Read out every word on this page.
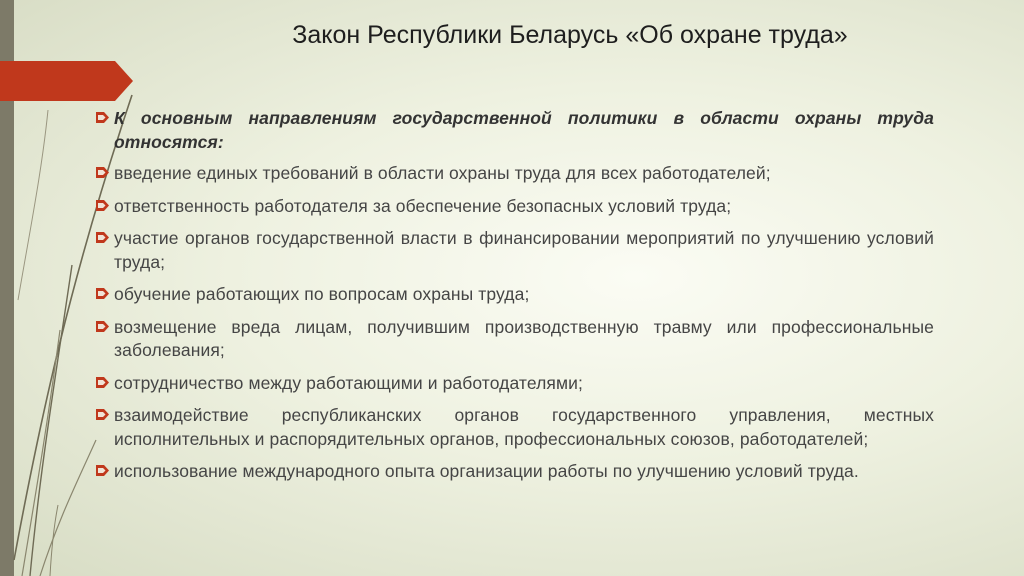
Закон Республики Беларусь «Об охране труда»
К основным направлениям государственной политики в области охраны труда относятся:
введение единых требований в области охраны труда для всех работодателей;
ответственность работодателя за обеспечение безопасных условий труда;
участие органов государственной власти в финансировании мероприятий по улучшению условий труда;
обучение работающих по вопросам охраны труда;
возмещение вреда лицам, получившим производственную травму или профессиональные заболевания;
сотрудничество между работающими и работодателями;
взаимодействие республиканских органов государственного управления, местных исполнительных и распорядительных органов, профессиональных союзов, работодателей;
использование международного опыта организации работы по улучшению условий труда.
